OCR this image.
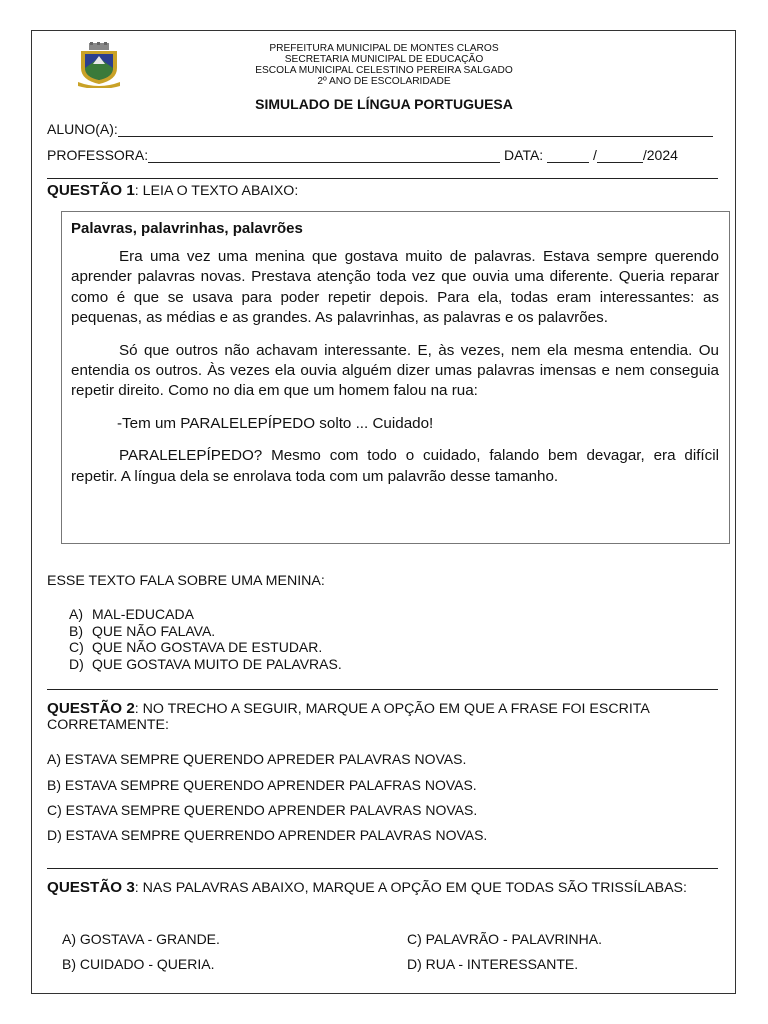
PREFEITURA MUNICIPAL DE MONTES CLAROS
SECRETARIA MUNICIPAL DE EDUCAÇÃO
ESCOLA MUNICIPAL CELESTINO PEREIRA SALGADO
2º ANO DE ESCOLARIDADE
SIMULADO DE LÍNGUA PORTUGUESA
ALUNO(A):
PROFESSORA:	DATA:	/	/2024
QUESTÃO 1: LEIA O TEXTO ABAIXO:
Palavras, palavrinhas, palavrões

Era uma vez uma menina que gostava muito de palavras. Estava sempre querendo aprender palavras novas. Prestava atenção toda vez que ouvia uma diferente. Queria reparar como é que se usava para poder repetir depois. Para ela, todas eram interessantes: as pequenas, as médias e as grandes. As palavrinhas, as palavras e os palavrões.

Só que outros não achavam interessante. E, às vezes, nem ela mesma entendia. Ou entendia os outros. Às vezes ela ouvia alguém dizer umas palavras imensas e nem conseguia repetir direito. Como no dia em que um homem falou na rua:

-Tem um PARALELEPÍPEDO solto ... Cuidado!

PARALELEPÍPEDO? Mesmo com todo o cuidado, falando bem devagar, era difícil repetir. A língua dela se enrolava toda com um palavrão desse tamanho.

ESSE TEXTO FALA SOBRE UMA MENINA:
A) MAL-EDUCADA
B) QUE NÃO FALAVA.
C) QUE NÃO GOSTAVA DE ESTUDAR.
D) QUE GOSTAVA MUITO DE PALAVRAS.
QUESTÃO 2: NO TRECHO A SEGUIR, MARQUE A OPÇÃO EM QUE A FRASE FOI ESCRITA CORRETAMENTE:
A) ESTAVA SEMPRE QUERENDO APREDER PALAVRAS NOVAS.
B) ESTAVA SEMPRE QUERENDO APRENDER PALAFRAS NOVAS.
C) ESTAVA SEMPRE QUERENDO APRENDER PALAVRAS NOVAS.
D) ESTAVA SEMPRE QUERRENDO APRENDER PALAVRAS NOVAS.
QUESTÃO 3: NAS PALAVRAS ABAIXO, MARQUE A OPÇÃO EM QUE TODAS SÃO TRISSÍLABAS:
A) GOSTAVA - GRANDE.
B) CUIDADO - QUERIA.
C) PALAVRÃO - PALAVRINHA.
D) RUA - INTERESSANTE.
